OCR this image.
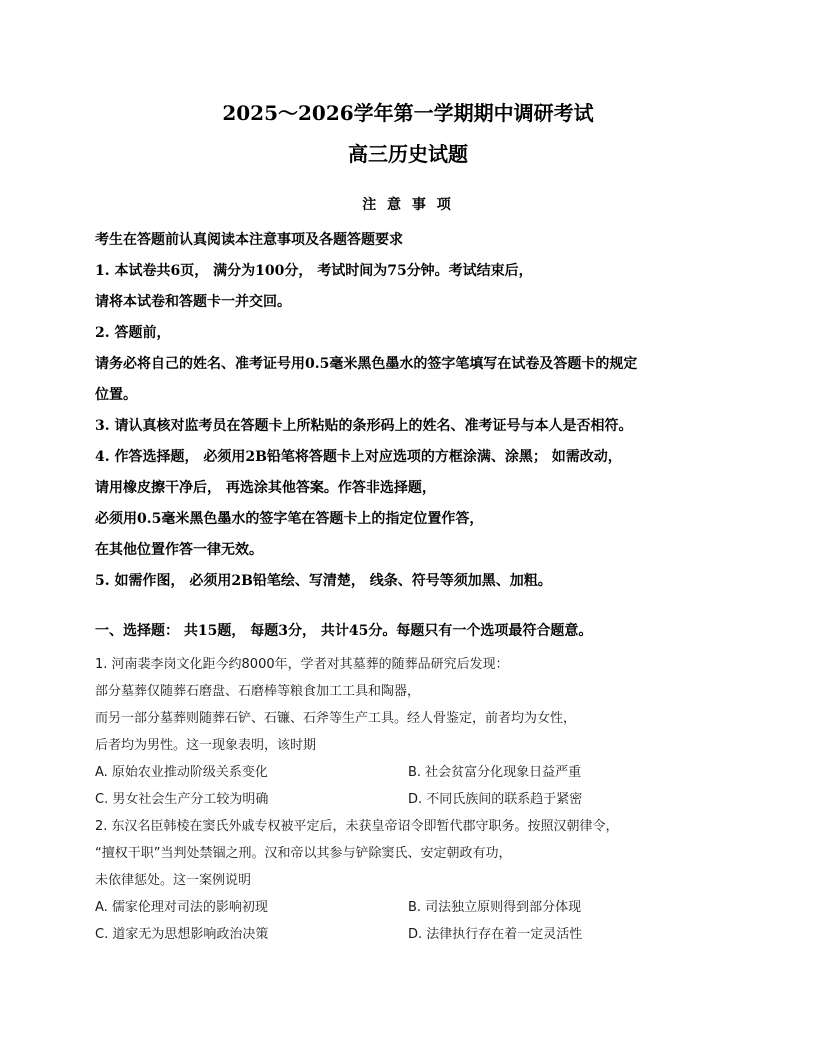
2025～2026学年第一学期期中调研考试
高三历史试题
注 意 事 项
考生在答题前认真阅读本注意事项及各题答题要求
1. 本试卷共6页， 满分为100分， 考试时间为75分钟。考试结束后，
请将本试卷和答题卡一并交回。
2. 答题前，
请务必将自己的姓名、准考证号用0.5毫米黑色墨水的签字笔填写在试卷及答题卡的规定
位置。
3. 请认真核对监考员在答题卡上所粘贴的条形码上的姓名、准考证号与本人是否相符。
4. 作答选择题， 必须用2B铅笔将答题卡上对应选项的方框涂满、涂黑； 如需改动，
请用橡皮擦干净后， 再选涂其他答案。作答非选择题，
必须用0.5毫米黑色墨水的签字笔在答题卡上的指定位置作答，
在其他位置作答一律无效。
5. 如需作图， 必须用2B铅笔绘、写清楚， 线条、符号等须加黑、加粗。
一、选择题： 共15题， 每题3分， 共计45分。每题只有一个选项最符合题意。
1. 河南裴李岗文化距今约8000年，学者对其墓葬的随葬品研究后发现：
部分墓葬仅随葬石磨盘、石磨棒等粮食加工工具和陶器，
而另一部分墓葬则随葬石铲、石镰、石斧等生产工具。经人骨鉴定，前者均为女性，
后者均为男性。这一现象表明，该时期
A. 原始农业推动阶级关系变化	B. 社会贫富分化现象日益严重
C. 男女社会生产分工较为明确	D. 不同氏族间的联系趋于紧密
2. 东汉名臣韩棱在窦氏外戚专权被平定后，未获皇帝诏令即暂代郡守职务。按照汉朝律令，
“擅权干职”当判处禁锢之刑。汉和帝以其参与铲除窦氏、安定朝政有功，
未依律惩处。这一案例说明
A. 儒家伦理对司法的影响初现	B. 司法独立原则得到部分体现
C. 道家无为思想影响政治决策	D. 法律执行存在着一定灵活性
